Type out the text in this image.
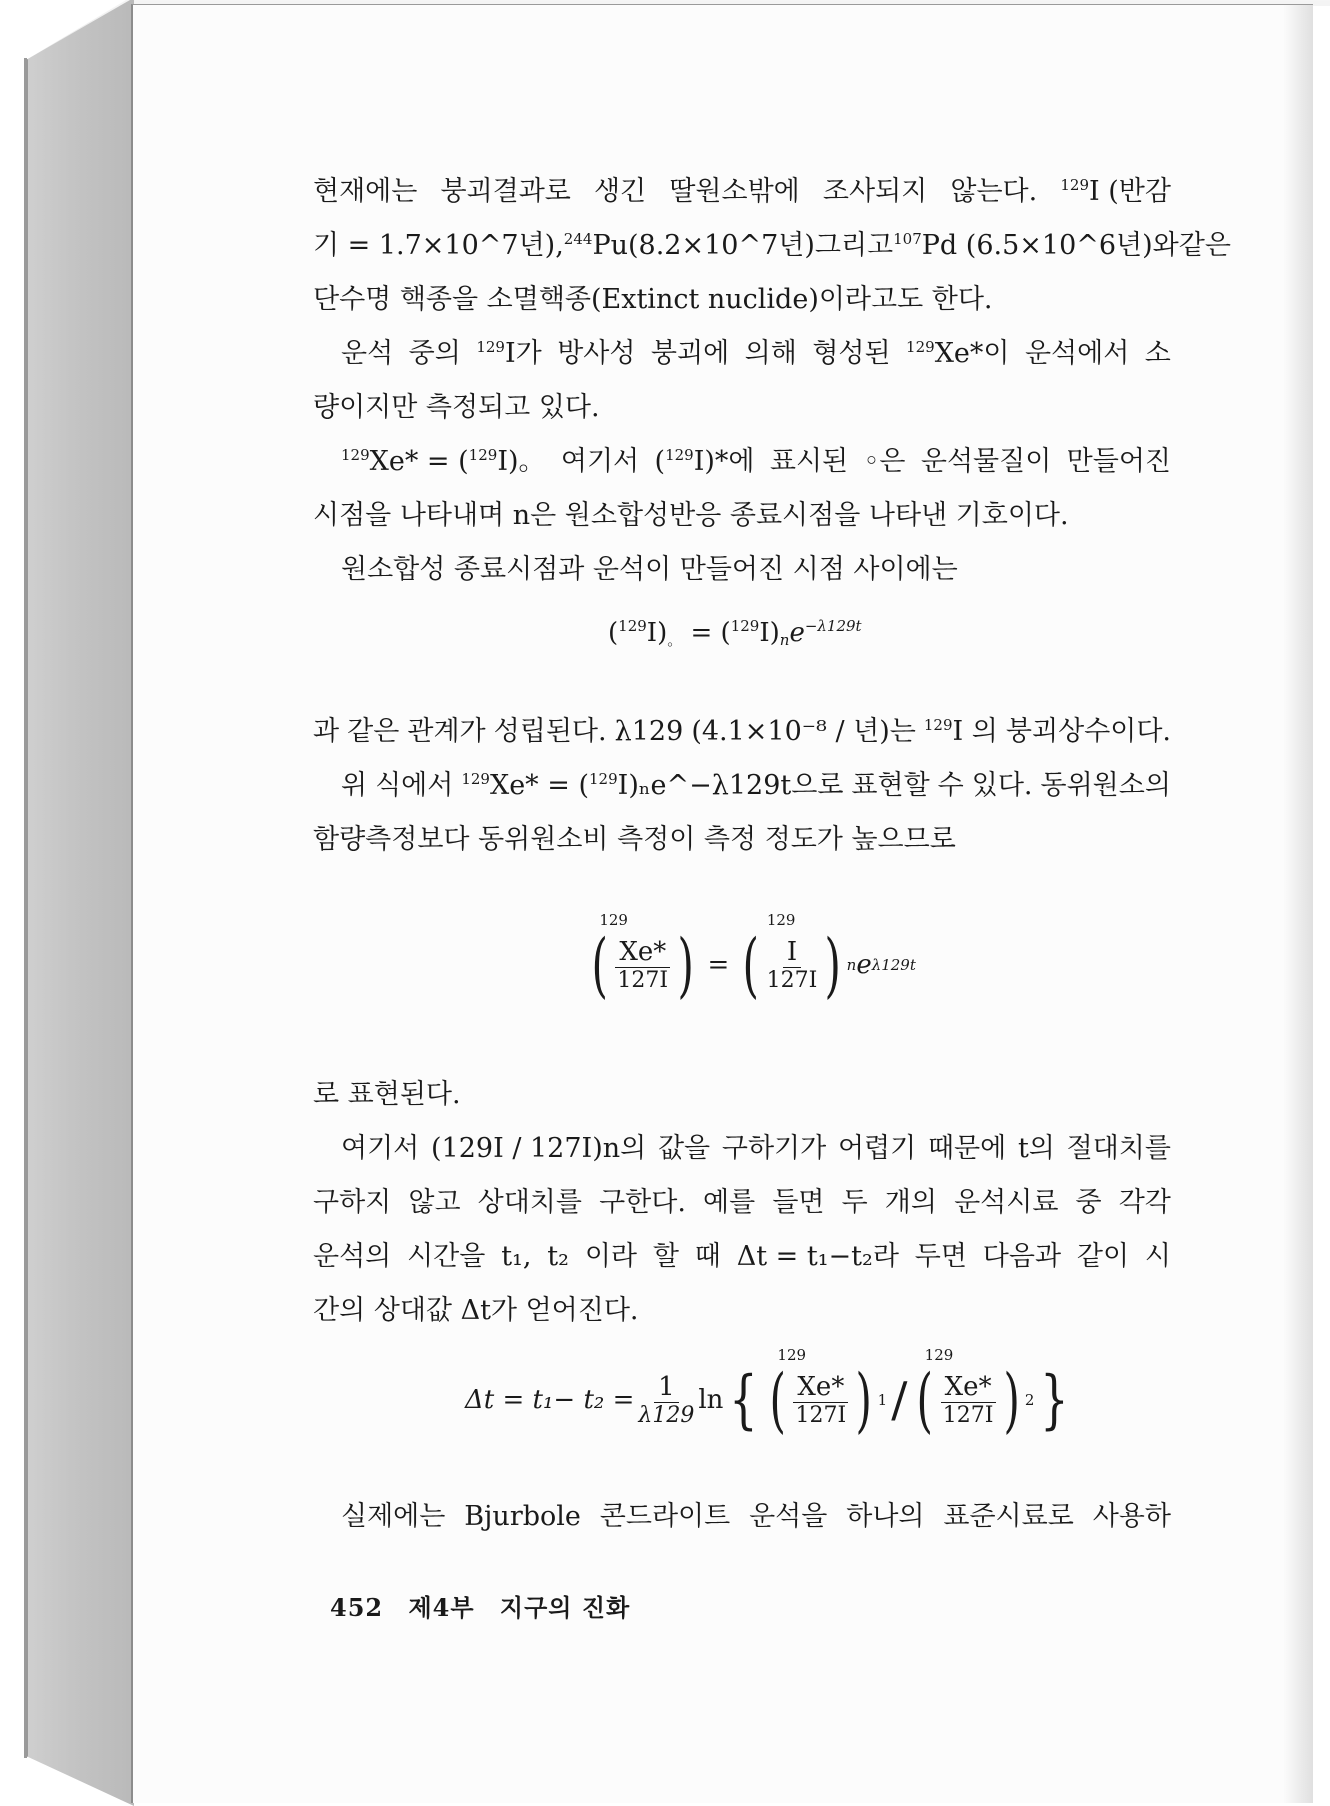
현재에는 붕괴결과로 생긴 딸원소밖에 조사되지 않는다. $^{129}$I (반감
기 = 1.7×10^7년), $^{244}$Pu(8.2×10^7년) 그리고 $^{107}$Pd (6.5×10^6년)와 같은
단수명 핵종을 소멸핵종(Extinct nuclide)이라고도 한다.
운석 중의 $^{129}$I가 방사성 붕괴에 의해 형성된 $^{129}$Xe*이 운석에서 소
량이지만 측정되고 있다.
$^{129}$Xe* = ($^{129}$I)。 여기서 ($^{129}$I)*에 표시된 ◦은 운석물질이 만들어진
시점을 나타내며 n은 원소합성반응 종료시점을 나타낸 기호이다.
원소합성 종료시점과 운석이 만들어진 시점 사이에는
$(^{129}I)_。 = (^{129}I)_ne^{-\lambda 129t}$
과 같은 관계가 성립된다. λ129 (4.1×10⁻⁸ / 년)는 $^{129}$I 의 붕괴상수이다.
위 식에서 $^{129}$Xe* = ($^{129}$I)ₙe^−λ129t으로 표현할 수 있다. 동위원소의
함량측정보다 동위원소비 측정이 측정 정도가 높으므로
( 129
Xe*
127I ) = ( 129
I
127I ) n e λ129t
로 표현된다.
여기서 (129I / 127I)n의 값을 구하기가 어렵기 때문에 t의 절대치를
구하지 않고 상대치를 구한다. 예를 들면 두 개의 운석시료 중 각각
운석의 시간을 t₁, t₂ 이라 할 때 Δt = t₁−t₂라 두면 다음과 같이 시
간의 상대값 Δt가 얻어진다.
$\Delta t = t_1- t_2 = \frac{1}{\lambda 129}$ ln { ( 129
Xe*
127I ) 1 / ( 129
Xe*
127I ) 2 }
실제에는 Bjurbole 콘드라이트 운석을 하나의 표준시료로 사용하
452 제4부 지구의 진화
